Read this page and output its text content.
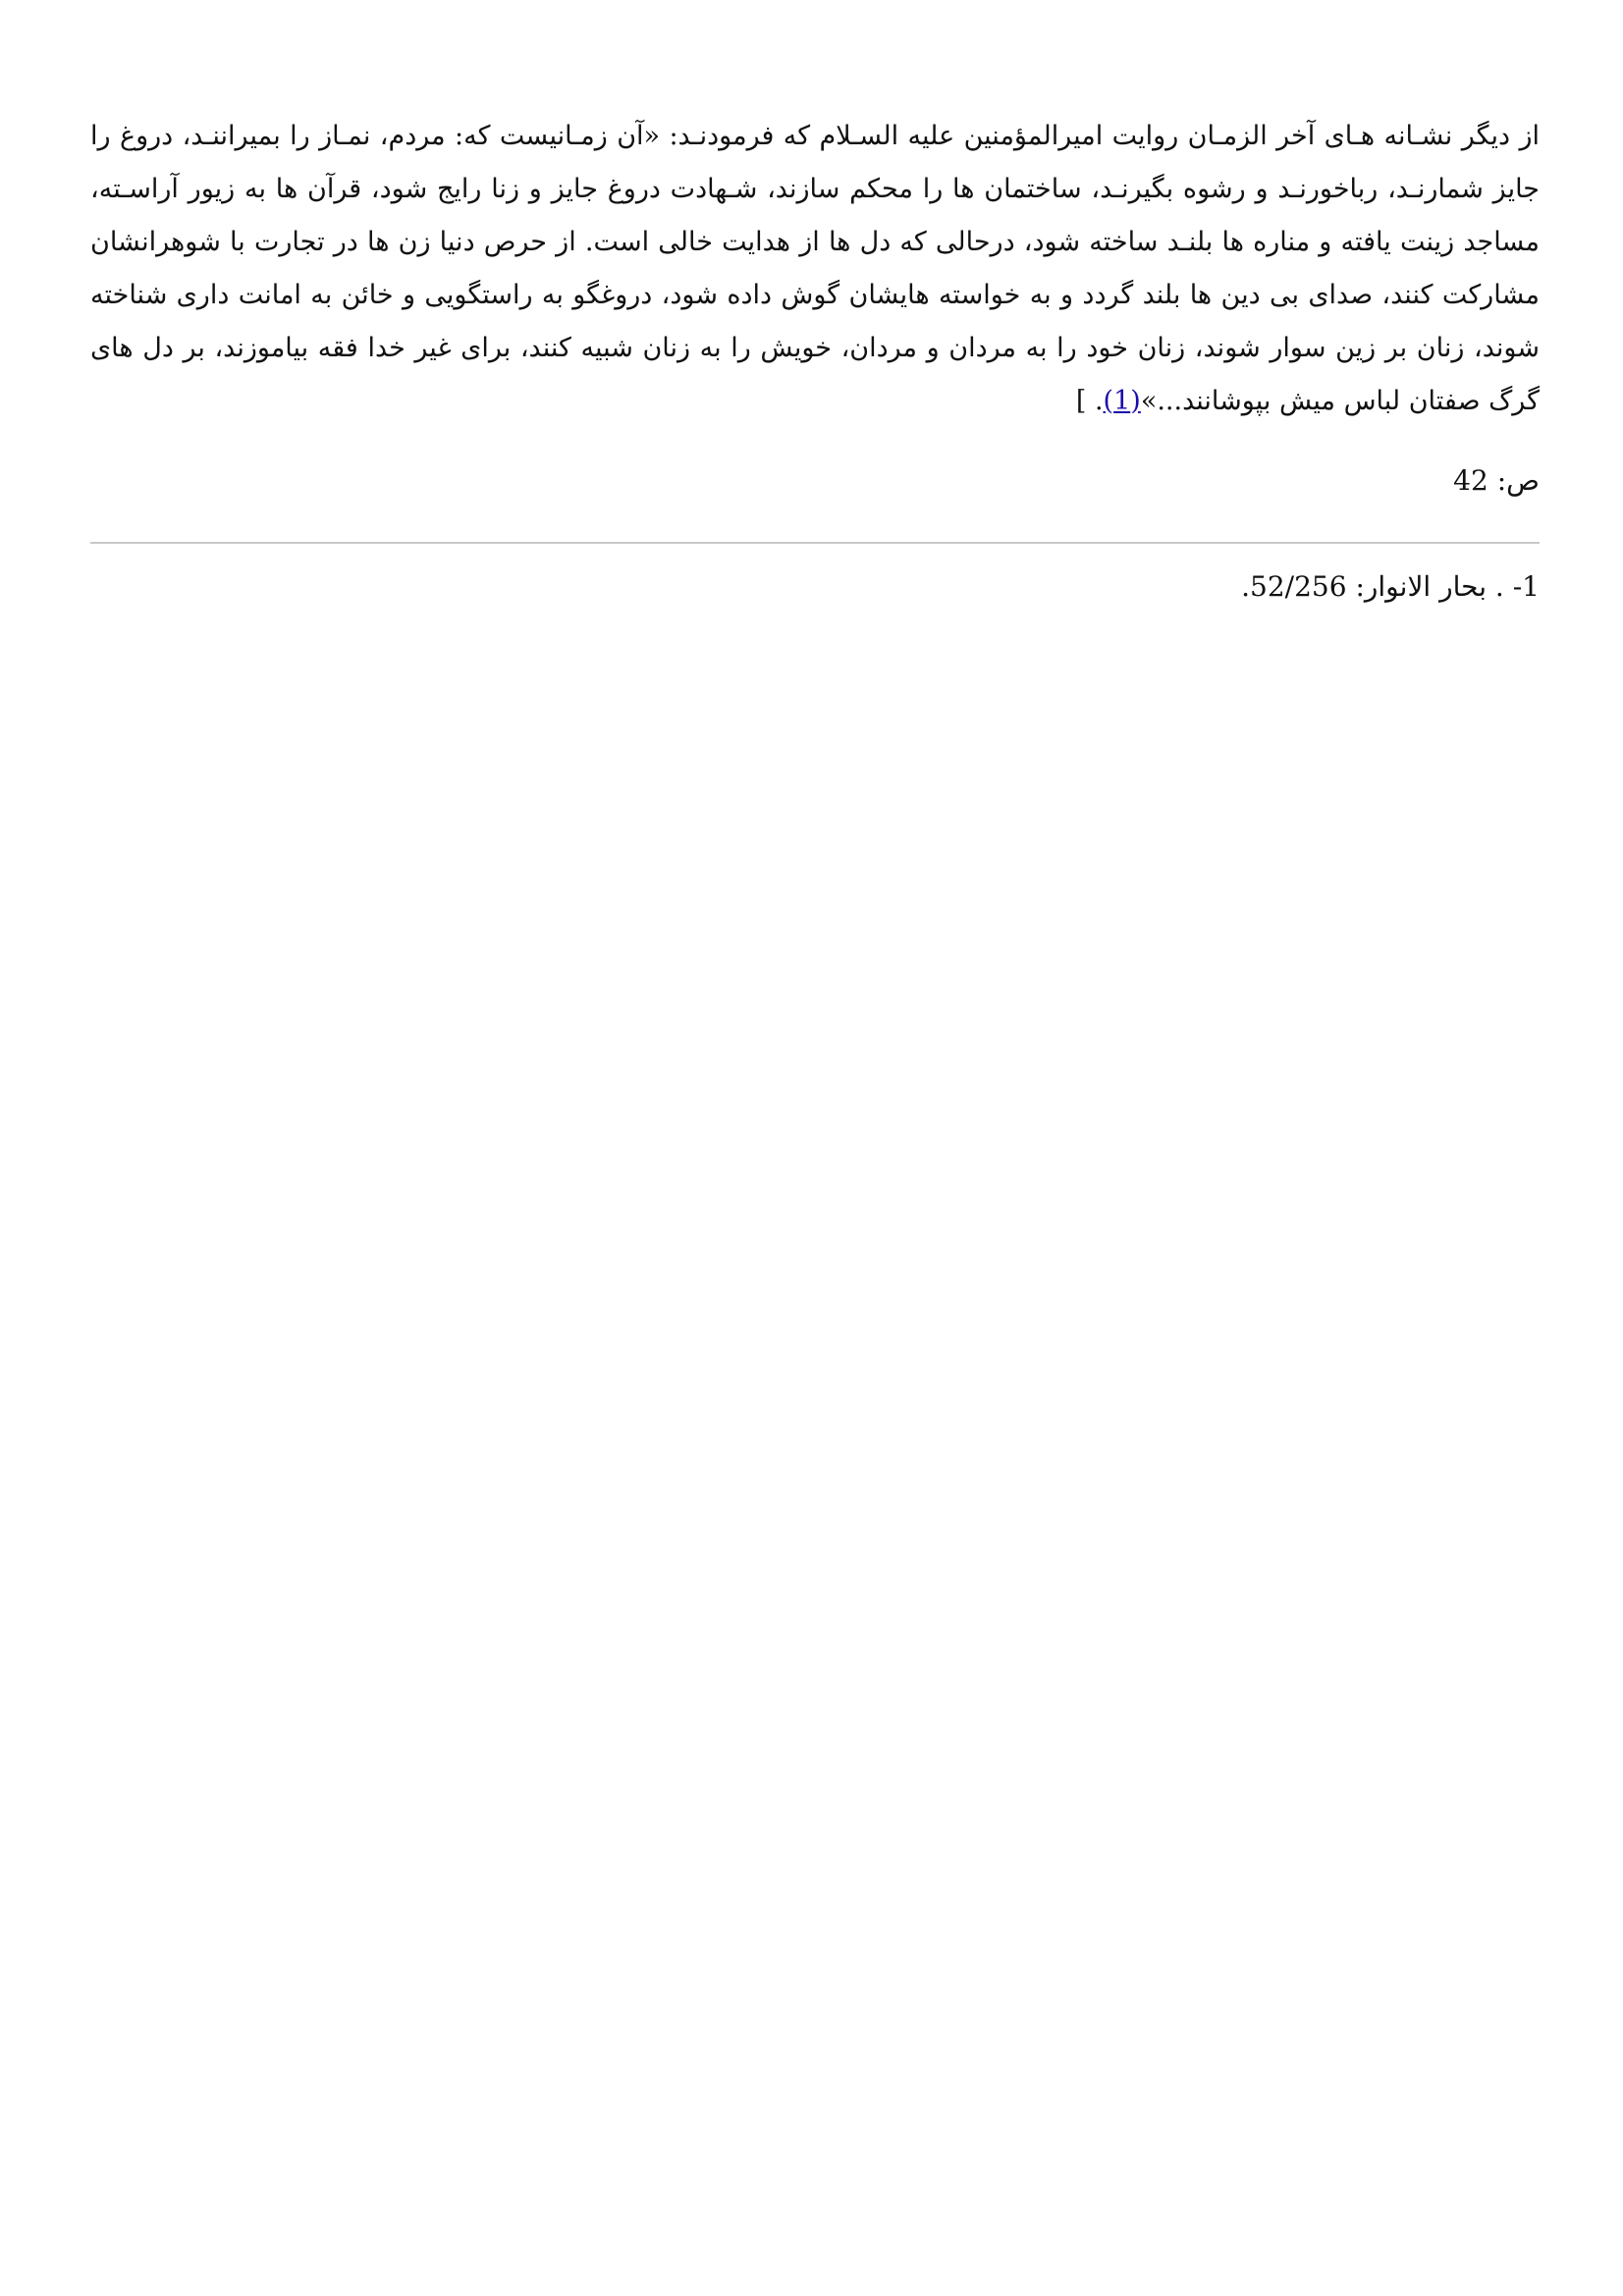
از دیگر نشـانه هـای آخر الزمـان روایت امیرالمؤمنین علیه السـلام که فرمودنـد: «آن زمـانیست که: مردم، نمـاز را بمیراننـد، دروغ را جایز شمارنـد، رباخورنـد و رشوه بگیرنـد، ساختمان ها را محکم سازند، شـهادت دروغ جایز و زنا رایج شود، قرآن ها به زیور آراسـته، مساجد زینت یافته و مناره ها بلنـد ساخته شود، درحالی که دل ها از هدایت خالی است. از حرص دنیا زن ها در تجارت با شوهرانشان مشارکت کنند، صدای بی دین ها بلند گردد و به خواسته هایشان گوش داده شود، دروغگو به راستگویی و خائن به امانت داری شناخته شوند، زنان بر زین سوار شوند، زنان خود را به مردان و مردان، خویش را به زنان شبیه کنند، برای غیر خدا فقه بیاموزند، بر دل های گرگ صفتان لباس میش بپوشانند...»(1). ]

ص: 42
1- . بحار الانوار: 52/256.
